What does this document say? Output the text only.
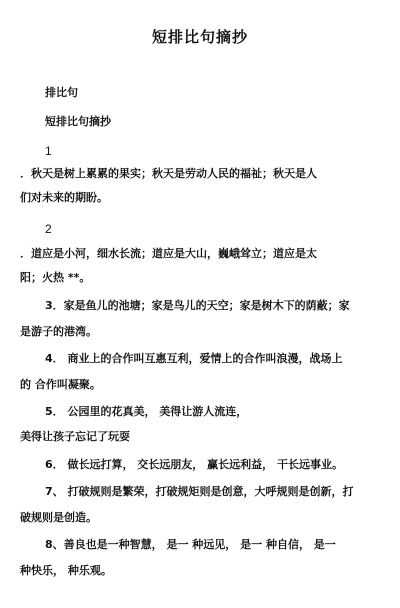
短排比句摘抄
排比句
短排比句摘抄
1
．秋天是树上累累的果实；秋天是劳动人民的福祉；秋天是人
们对未来的期盼。
2
．道应是小河，细水长流；道应是大山，巍峨耸立；道应是太
阳；火热 **。
3．家是鱼儿的池塘；家是鸟儿的天空；家是树木下的荫蔽；家
是游子的港湾。
4． 商业上的合作叫互惠互利，爱情上的合作叫浪漫，战场上
的 合作叫凝聚。
5． 公园里的花真美， 美得让游人流连，
美得让孩子忘记了玩耍
6． 做长远打算， 交长远朋友， 赢长远利益， 干长远事业。
7、 打破规则是繁荣，打破规矩则是创意，大呼规则是创新，打
破规则是创造。
8、善良也是一种智慧， 是一 种远见， 是一 种自信， 是一
种快乐， 种乐观。
